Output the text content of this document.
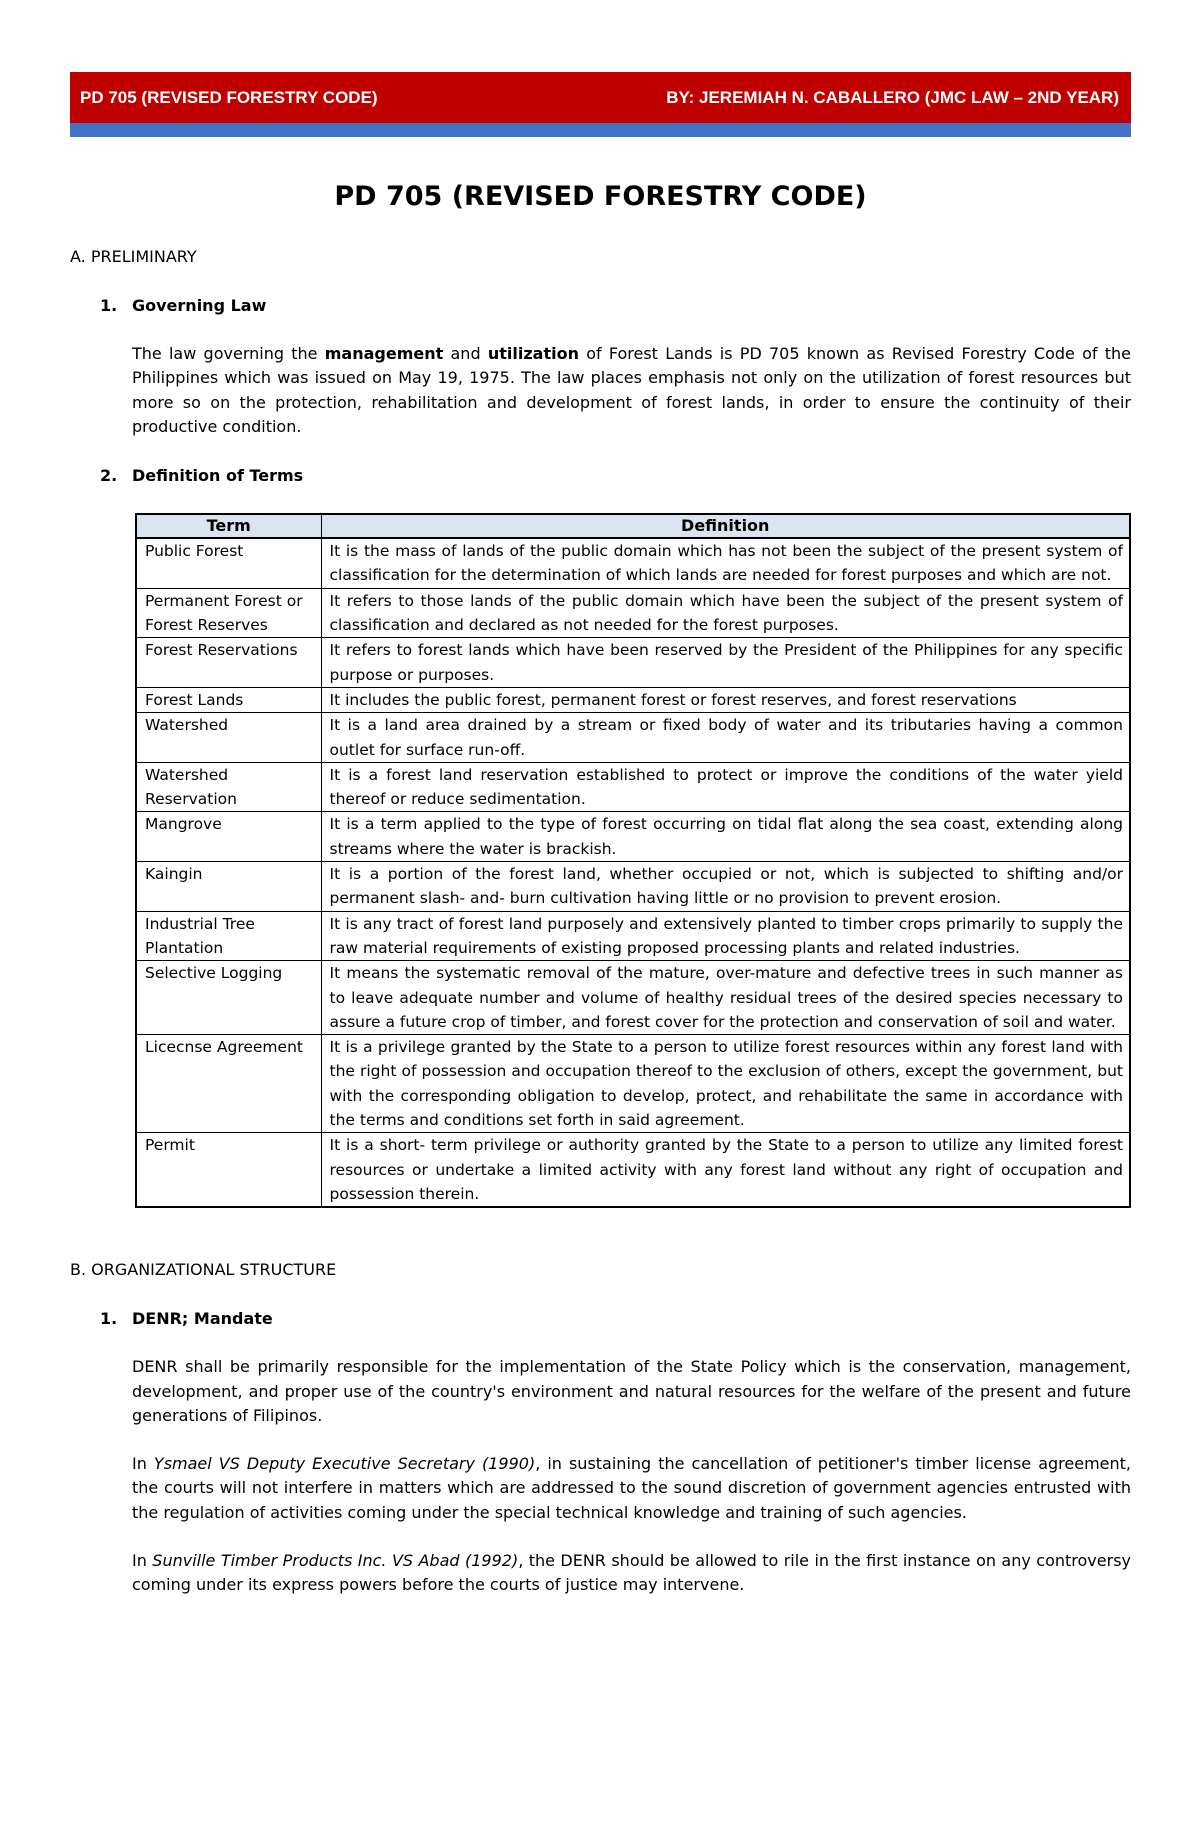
PD 705 (REVISED FORESTRY CODE)	BY: JEREMIAH N. CABALLERO (JMC LAW – 2ND YEAR)
PD 705 (REVISED FORESTRY CODE)
A. PRELIMINARY
1. Governing Law

The law governing the management and utilization of Forest Lands is PD 705 known as Revised Forestry Code of the Philippines which was issued on May 19, 1975. The law places emphasis not only on the utilization of forest resources but more so on the protection, rehabilitation and development of forest lands, in order to ensure the continuity of their productive condition.

2. Definition of Terms
Term	Definition
Public Forest	It is the mass of lands of the public domain which has not been the subject of the present system of classification for the determination of which lands are needed for forest purposes and which are not.
Permanent Forest or Forest Reserves	It refers to those lands of the public domain which have been the subject of the present system of classification and declared as not needed for the forest purposes.
Forest Reservations	It refers to forest lands which have been reserved by the President of the Philippines for any specific purpose or purposes.
Forest Lands	It includes the public forest, permanent forest or forest reserves, and forest reservations
Watershed	It is a land area drained by a stream or fixed body of water and its tributaries having a common outlet for surface run-off.
Watershed Reservation	It is a forest land reservation established to protect or improve the conditions of the water yield thereof or reduce sedimentation.
Mangrove	It is a term applied to the type of forest occurring on tidal flat along the sea coast, extending along streams where the water is brackish.
Kaingin	It is a portion of the forest land, whether occupied or not, which is subjected to shifting and/or permanent slash- and- burn cultivation having little or no provision to prevent erosion.
Industrial Tree Plantation	It is any tract of forest land purposely and extensively planted to timber crops primarily to supply the raw material requirements of existing proposed processing plants and related industries.
Selective Logging	It means the systematic removal of the mature, over-mature and defective trees in such manner as to leave adequate number and volume of healthy residual trees of the desired species necessary to assure a future crop of timber, and forest cover for the protection and conservation of soil and water.
Licecnse Agreement	It is a privilege granted by the State to a person to utilize forest resources within any forest land with the right of possession and occupation thereof to the exclusion of others, except the government, but with the corresponding obligation to develop, protect, and rehabilitate the same in accordance with the terms and conditions set forth in said agreement.
Permit	It is a short- term privilege or authority granted by the State to a person to utilize any limited forest resources or undertake a limited activity with any forest land without any right of occupation and possession therein.
B. ORGANIZATIONAL STRUCTURE
1. DENR; Mandate

DENR shall be primarily responsible for the implementation of the State Policy which is the conservation, management, development, and proper use of the country's environment and natural resources for the welfare of the present and future generations of Filipinos.

In Ysmael VS Deputy Executive Secretary (1990), in sustaining the cancellation of petitioner's timber license agreement, the courts will not interfere in matters which are addressed to the sound discretion of government agencies entrusted with the regulation of activities coming under the special technical knowledge and training of such agencies.

In Sunville Timber Products Inc. VS Abad (1992), the DENR should be allowed to rile in the first instance on any controversy coming under its express powers before the courts of justice may intervene.
